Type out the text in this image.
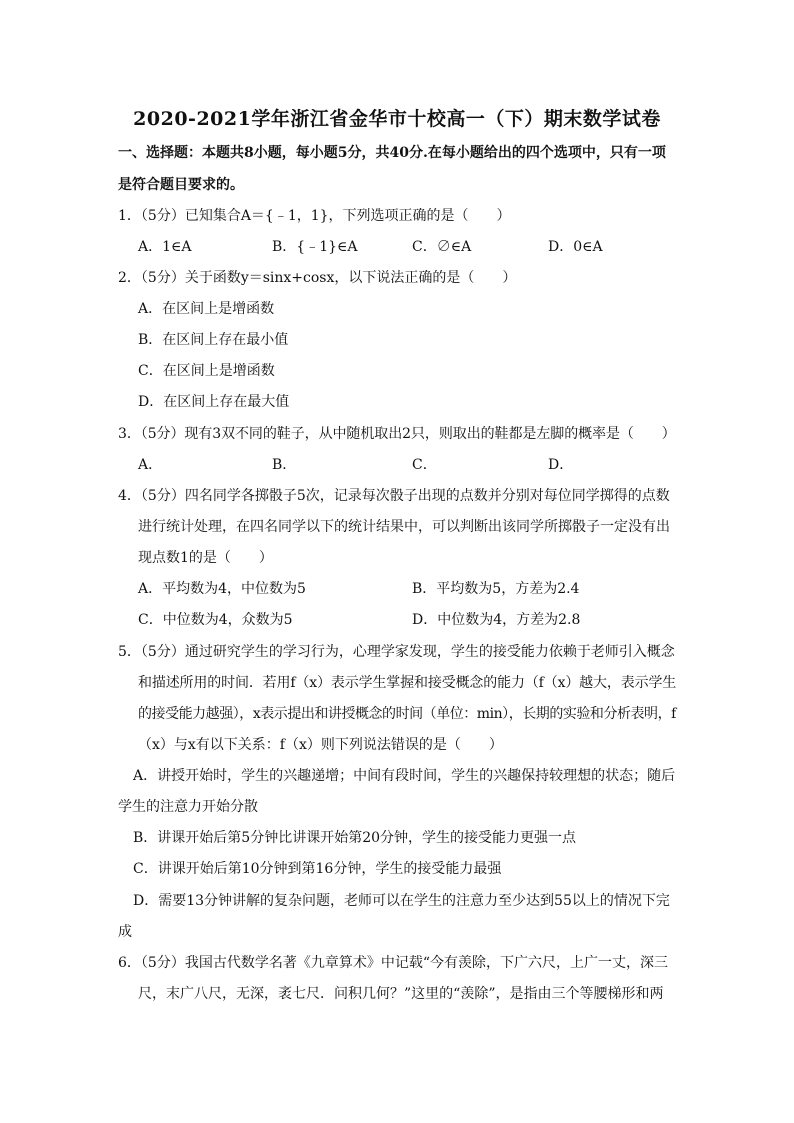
2020-2021学年浙江省金华市十校高一（下）期末数学试卷
一、选择题：本题共8小题，每小题5分，共40分.在每小题给出的四个选项中，只有一项
是符合题目要求的。
1．（5分）已知集合A＝{﹣1，1}，下列选项正确的是（　　）
A．1∈A	B．{﹣1}∈A	C．∅∈A	D．0∈A
2．（5分）关于函数y＝sinx+cosx，以下说法正确的是（　　）
A．在区间上是增函数
B．在区间上存在最小值
C．在区间上是增函数
D．在区间上存在最大值
3．（5分）现有3双不同的鞋子，从中随机取出2只，则取出的鞋都是左脚的概率是（　　）
A．	B．	C．	D．
4．（5分）四名同学各掷骰子5次，记录每次骰子出现的点数并分别对每位同学掷得的点数
进行统计处理，在四名同学以下的统计结果中，可以判断出该同学所掷骰子一定没有出
现点数1的是（　　）
A．平均数为4，中位数为5	B．平均数为5，方差为2.4
C．中位数为4，众数为5	D．中位数为4，方差为2.8
5．（5分）通过研究学生的学习行为，心理学家发现，学生的接受能力依赖于老师引入概念
和描述所用的时间．若用f（x）表示学生掌握和接受概念的能力（f（x）越大，表示学生
的接受能力越强），x表示提出和讲授概念的时间（单位：min），长期的实验和分析表明，f
（x）与x有以下关系：f（x）则下列说法错误的是（　　）
A．讲授开始时，学生的兴趣递增；中间有段时间，学生的兴趣保持较理想的状态；随后
学生的注意力开始分散
B．讲课开始后第5分钟比讲课开始第20分钟，学生的接受能力更强一点
C．讲课开始后第10分钟到第16分钟，学生的接受能力最强
D．需要13分钟讲解的复杂问题，老师可以在学生的注意力至少达到55以上的情况下完
成
6．（5分）我国古代数学名著《九章算术》中记载“今有羡除，下广六尺，上广一丈，深三
尺，末广八尺，无深，袤七尺．问积几何？”这里的“羡除”，是指由三个等腰梯形和两
